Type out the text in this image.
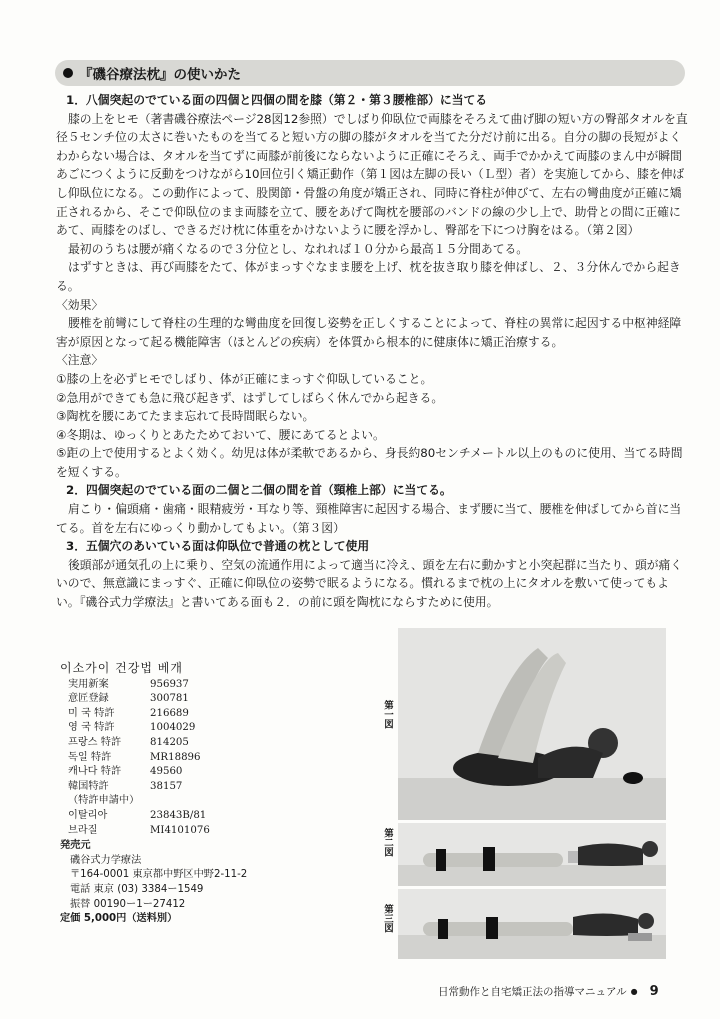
『磯谷療法枕』の使いかた

1．八個突起のでている面の四個と四個の間を膝（第２・第３腰椎部）に当てる

膝の上をヒモ（著書磯谷療法ページ28図12参照）でしばり仰臥位で両膝をそろえて曲げ脚の短い方の臀部タオルを直径５センチ位の太さに巻いたものを当てると短い方の脚の膝がタオルを当てた分だけ前に出る。自分の脚の長短がよくわからない場合は、タオルを当てずに両膝が前後にならないように正確にそろえ、両手でかかえて両膝のまん中が瞬間あごにつくように反動をつけながら10回位引く矯正動作（第１図は左脚の長い（Ｌ型）者）を実施してから、膝を伸ばし仰臥位になる。この動作によって、股関節・骨盤の角度が矯正され、同時に脊柱が伸びて、左右の彎曲度が正確に矯正されるから、そこで仰臥位のまま両膝を立て、腰をあげて陶枕を腰部のバンドの線の少し上で、助骨との間に正確にあて、両膝をのばし、できるだけ枕に体重をかけないように腰を浮かし、臀部を下につけ胸をはる。（第２図）

最初のうちは腰が痛くなるので３分位とし、なれれば１０分から最高１５分間あてる。

はずすときは、再び両膝をたて、体がまっすぐなまま腰を上げ、枕を抜き取り膝を伸ばし、２、３分休んでから起きる。

〈効果〉

腰椎を前彎にして脊柱の生理的な彎曲度を回復し姿勢を正しくすることによって、脊柱の異常に起因する中枢神経障害が原因となって起る機能障害（ほとんどの疾病）を体質から根本的に健康体に矯正治療する。

〈注意〉

①膝の上を必ずヒモでしばり、体が正確にまっすぐ仰臥していること。

②急用ができても急に飛び起きず、はずしてしばらく休んでから起きる。

③陶枕を腰にあてたまま忘れて長時間眠らない。

④冬期は、ゆっくりとあたためておいて、腰にあてるとよい。

⑤距の上で使用するとよく効く。幼児は体が柔軟であるから、身長約80センチメートル以上のものに使用、当てる時間を短くする。

2．四個突起のでている面の二個と二個の間を首（頸椎上部）に当てる。

肩こり・偏頭痛・歯痛・眼精疲労・耳なり等、頸椎障害に起因する場合、まず腰に当て、腰椎を伸ばしてから首に当てる。首を左右にゆっくり動かしてもよい。（第３図）

3．五個穴のあいている面は仰臥位で普通の枕として使用

後頭部が通気孔の上に乗り、空気の流通作用によって適当に冷え、頭を左右に動かすと小突起群に当たり、頭が痛くいので、無意識にまっすぐ、正確に仰臥位の姿勢で眠るようになる。慣れるまで枕の上にタオルを敷いて使ってもよい。『磯谷式力学療法』と書いてある面も２．の前に頭を陶枕にならすために使用。

이소가이 건강법 베개
実用新案	956937
意匠登録	300781
미 국 特許	216689
영 국 特許	1004029
프랑스 特許	814205
독일 特許	MR18896
캐나다 特許	49560
韓国特許	38157
（特許申請中）
이탈리아	23843B/81
브라질	MI4101076
発売元
磯谷式力学療法
〒164-0001 東京都中野区中野2-11-2
電話 東京 (03) 3384ー1549
振替 00190ー1ー27412
定価 5,000円（送料別）
第一図
第二図
第三図
日常動作と自宅矯正法の指導マニュアル ● 9
